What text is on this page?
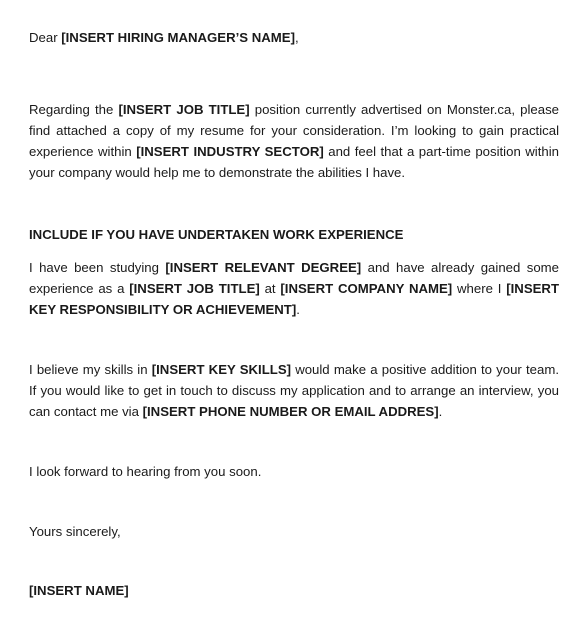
Dear [INSERT HIRING MANAGER’S NAME],

Regarding the [INSERT JOB TITLE] position currently advertised on Monster.ca, please find attached a copy of my resume for your consideration. I’m looking to gain practical experience within [INSERT INDUSTRY SECTOR] and feel that a part-time position within your company would help me to demonstrate the abilities I have.

INCLUDE IF YOU HAVE UNDERTAKEN WORK EXPERIENCE

I have been studying [INSERT RELEVANT DEGREE] and have already gained some experience as a [INSERT JOB TITLE] at [INSERT COMPANY NAME] where I [INSERT KEY RESPONSIBILITY OR ACHIEVEMENT].

I believe my skills in [INSERT KEY SKILLS] would make a positive addition to your team. If you would like to get in touch to discuss my application and to arrange an interview, you can contact me via [INSERT PHONE NUMBER OR EMAIL ADDRES].

I look forward to hearing from you soon.

Yours sincerely,

[INSERT NAME]
